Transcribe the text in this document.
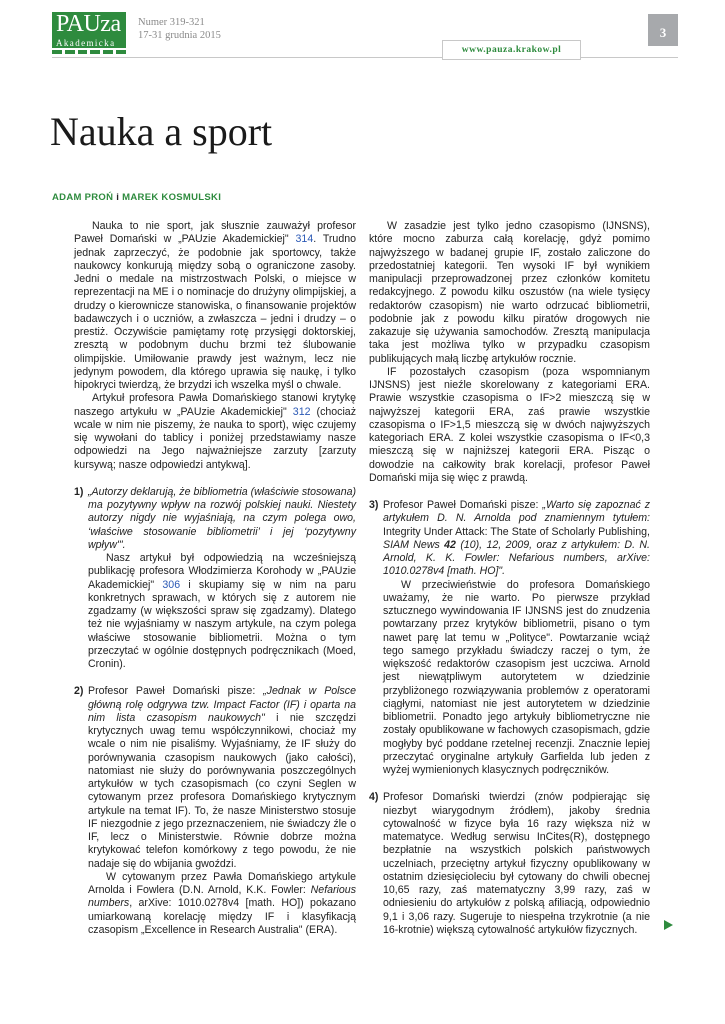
PAUza
Akademicka
Numer 319-321
17-31 grudnia 2015	3
www.pauza.krakow.pl
Nauka a sport
ADAM PROŃ i MAREK KOSMULSKI

Nauka to nie sport, jak słusznie zauważył profesor Paweł Domański w „PAUzie Akademickiej" 314. Trudno jednak zaprzeczyć, że podobnie jak sportowcy, także naukowcy konkurują między sobą o ograniczone zasoby. Jedni o medale na mistrzostwach Polski, o miejsce w reprezentacji na ME i o nominacje do drużyny olimpijskiej, a drudzy o kierownicze stanowiska, o finansowanie projektów badawczych i o uczniów, a zwłaszcza – jedni i drudzy – o prestiż. Oczywiście pamiętamy rotę przysięgi doktorskiej, zresztą w podobnym duchu brzmi też ślubowanie olimpijskie. Umiłowanie prawdy jest ważnym, lecz nie jedynym powodem, dla którego uprawia się naukę, i tylko hipokryci twierdzą, że brzydzi ich wszelka myśl o chwale.

Artykuł profesora Pawła Domańskiego stanowi krytykę naszego artykułu w „PAUzie Akademickiej" 312 (chociaż wcale w nim nie piszemy, że nauka to sport), więc czujemy się wywołani do tablicy i poniżej przedstawiamy nasze odpowiedzi na Jego najważniejsze zarzuty [zarzuty kursywą; nasze odpowiedzi antykwą].

1) „Autorzy deklarują, że bibliometria (właściwie stosowana) ma pozytywny wpływ na rozwój polskiej nauki. Niestety autorzy nigdy nie wyjaśniają, na czym polega owo, ‘właściwe stosowanie bibliometrii’ i jej ‘pozytywny wpływ'".

Nasz artykuł był odpowiedzią na wcześniejszą publikację profesora Włodzimierza Korohody w „PAUzie Akademickiej" 306 i skupiamy się w nim na paru konkretnych sprawach, w których się z autorem nie zgadzamy (w większości spraw się zgadzamy). Dlatego też nie wyjaśniamy w naszym artykule, na czym polega właściwe stosowanie bibliometrii. Można o tym przeczytać w ogólnie dostępnych podręcznikach (Moed, Cronin).

2) Profesor Paweł Domański pisze: „Jednak w Polsce główną rolę odgrywa tzw. Impact Factor (IF) i oparta na nim lista czasopism naukowych" i nie szczędzi krytycznych uwag temu współczynnikowi, chociaż my wcale o nim nie pisaliśmy. Wyjaśniamy, że IF służy do porównywania czasopism naukowych (jako całości), natomiast nie służy do porównywania poszczególnych artykułów w tych czasopismach (co czyni Seglen w cytowanym przez profesora Domańskiego krytycznym artykule na temat IF). To, że nasze Ministerstwo stosuje IF niezgodnie z jego przeznaczeniem, nie świadczy źle o IF, lecz o Ministerstwie. Równie dobrze można krytykować telefon komórkowy z tego powodu, że nie nadaje się do wbijania gwoździ.

W cytowanym przez Pawła Domańskiego artykule Arnolda i Fowlera (D.N. Arnold, K.K. Fowler: Nefarious numbers, arXive: 1010.0278v4 [math. HO]) pokazano umiarkowaną korelację między IF i klasyfikacją czasopism „Excellence in Research Australia" (ERA).

W zasadzie jest tylko jedno czasopismo (IJNSNS), które mocno zaburza całą korelację, gdyż pomimo najwyższego w badanej grupie IF, zostało zaliczone do przedostatniej kategorii. Ten wysoki IF był wynikiem manipulacji przeprowadzonej przez członków komitetu redakcyjnego. Z powodu kilku oszustów (na wiele tysięcy redaktorów czasopism) nie warto odrzucać bibliometrii, podobnie jak z powodu kilku piratów drogowych nie zakazuje się używania samochodów. Zresztą manipulacja taka jest możliwa tylko w przypadku czasopism publikujących małą liczbę artykułów rocznie.

IF pozostałych czasopism (poza wspomnianym IJNSNS) jest nieźle skorelowany z kategoriami ERA. Prawie wszystkie czasopisma o IF>2 mieszczą się w najwyższej kategorii ERA, zaś prawie wszystkie czasopisma o IF>1,5 mieszczą się w dwóch najwyższych kategoriach ERA. Z kolei wszystkie czasopisma o IF<0,3 mieszczą się w najniższej kategorii ERA. Pisząc o dowodzie na całkowity brak korelacji, profesor Paweł Domański mija się więc z prawdą.

3) Profesor Paweł Domański pisze: „Warto się zapoznać z artykułem D. N. Arnolda pod znamiennym tytułem: Integrity Under Attack: The State of Scholarly Publishing, SIAM News 42 (10), 12, 2009, oraz z artykułem: D. N. Arnold, K. K. Fowler: Nefarious numbers, arXive: 1010.0278v4 [math. HO]".

W przeciwieństwie do profesora Domańskiego uważamy, że nie warto. Po pierwsze przykład sztucznego wywindowania IF IJNSNS jest do znudzenia powtarzany przez krytyków bibliometrii, pisano o tym nawet parę lat temu w „Polityce". Powtarzanie wciąż tego samego przykładu świadczy raczej o tym, że większość redaktorów czasopism jest uczciwa. Arnold jest niewątpliwym autorytetem w dziedzinie przybliżonego rozwiązywania problemów z operatorami ciągłymi, natomiast nie jest autorytetem w dziedzinie bibliometrii. Ponadto jego artykuły bibliometryczne nie zostały opublikowane w fachowych czasopismach, gdzie mogłyby być poddane rzetelnej recenzji. Znacznie lepiej przeczytać oryginalne artykuły Garfielda lub jeden z wyżej wymienionych klasycznych podręczników.

4) Profesor Domański twierdzi (znów podpierając się niezbyt wiarygodnym źródłem), jakoby średnia cytowalność w fizyce była 16 razy większa niż w matematyce. Według serwisu InCites(R), dostępnego bezpłatnie na wszystkich polskich państwowych uczelniach, przeciętny artykuł fizyczny opublikowany w ostatnim dziesięcioleciu był cytowany do chwili obecnej 10,65 razy, zaś matematyczny 3,99 razy, zaś w odniesieniu do artykułów z polską afiliacją, odpowiednio 9,1 i 3,06 razy. Sugeruje to niespełna trzykrotnie (a nie 16-krotnie) większą cytowalność artykułów fizycznych.
